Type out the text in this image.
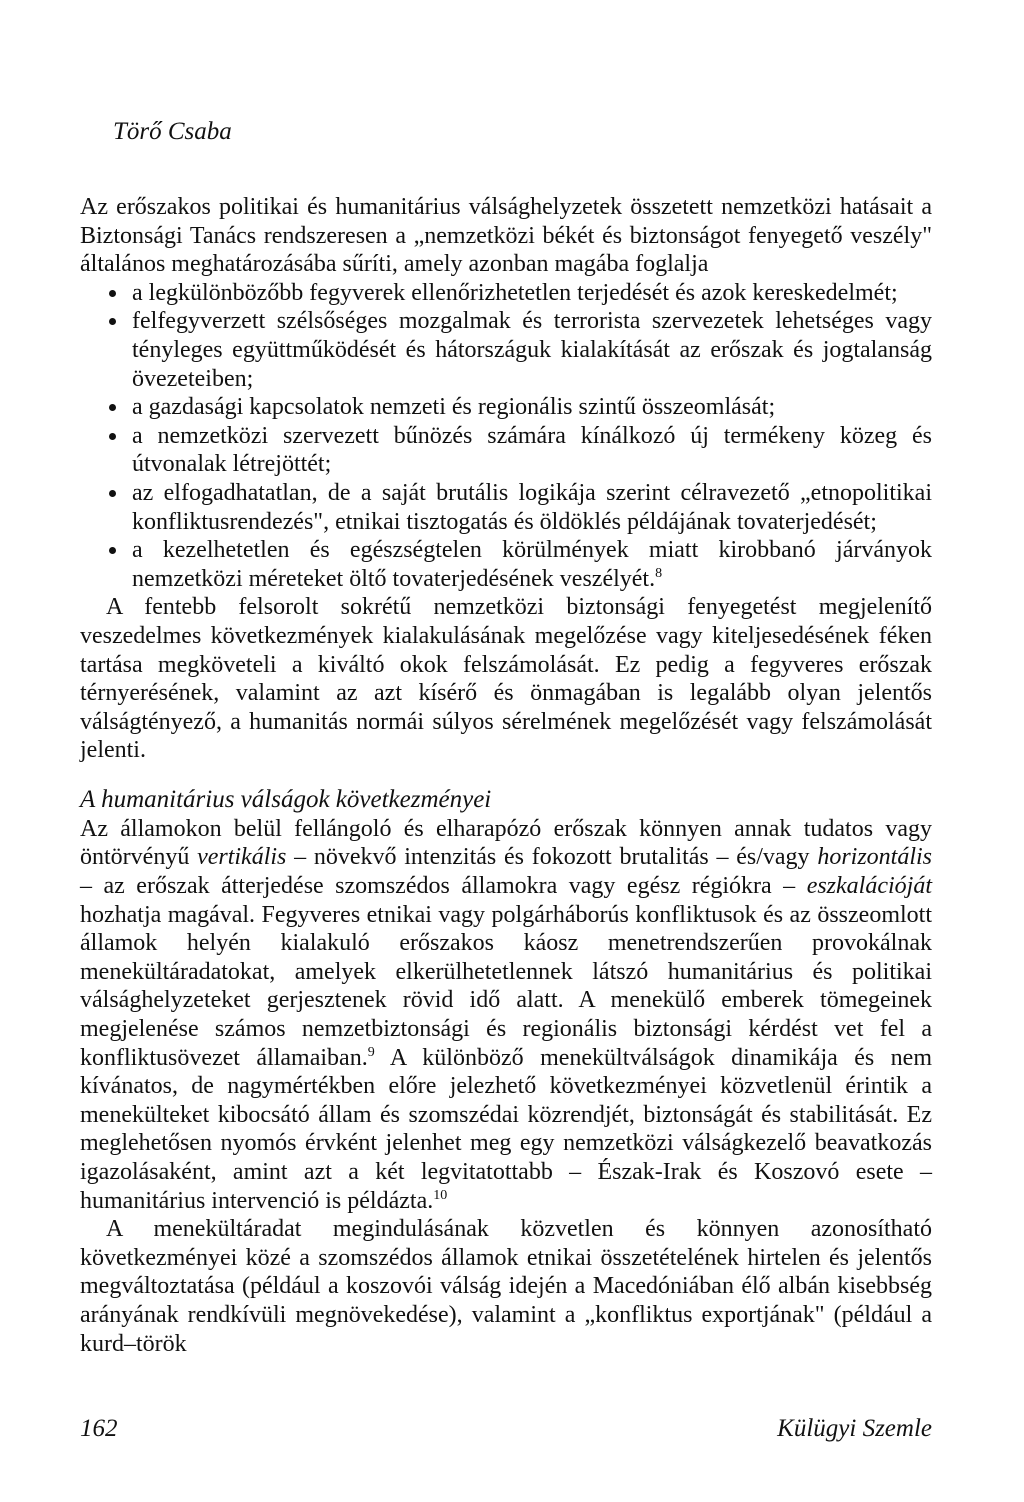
Törő Csaba

Az erőszakos politikai és humanitárius válsághelyzetek összetett nemzetközi hatásait a Biztonsági Tanács rendszeresen a „nemzetközi békét és biztonságot fenyegető veszély" általános meghatározásába sűríti, amely azonban magába foglalja

a legkülönbözőbb fegyverek ellenőrizhetetlen terjedését és azok kereskedelmét;
felfegyverzett szélsőséges mozgalmak és terrorista szervezetek lehetséges vagy tényleges együttműködését és hátországuk kialakítását az erőszak és jogtalanság övezeteiben;
a gazdasági kapcsolatok nemzeti és regionális szintű összeomlását;
a nemzetközi szervezett bűnözés számára kínálkozó új termékeny közeg és útvonalak létrejöttét;
az elfogadhatatlan, de a saját brutális logikája szerint célravezető „etnopolitikai konfliktusrendezés", etnikai tisztogatás és öldöklés példájának tovaterjedését;
a kezelhetetlen és egészségtelen körülmények miatt kirobbanó járványok nemzetközi méreteket öltő tovaterjedésének veszélyét.$^8$

A fentebb felsorolt sokrétű nemzetközi biztonsági fenyegetést megjelenítő veszedelmes következmények kialakulásának megelőzése vagy kiteljesedésének féken tartása megköveteli a kiváltó okok felszámolását. Ez pedig a fegyveres erőszak térnyerésének, valamint az azt kísérő és önmagában is legalább olyan jelentős válságtényező, a humanitás normái súlyos sérelmének megelőzését vagy felszámolását jelenti.

A humanitárius válságok következményei

Az államokon belül fellángoló és elharapózó erőszak könnyen annak tudatos vagy öntörvényű vertikális – növekvő intenzitás és fokozott brutalitás – és/vagy horizontális – az erőszak átterjedése szomszédos államokra vagy egész régiókra – eszkalációját hozhatja magával. Fegyveres etnikai vagy polgárháborús konfliktusok és az összeomlott államok helyén kialakuló erőszakos káosz menetrendszerűen provokálnak menekültáradatokat, amelyek elkerülhetetlennek látszó humanitárius és politikai válsághelyzeteket gerjesztenek rövid idő alatt. A menekülő emberek tömegeinek megjelenése számos nemzetbiztonsági és regionális biztonsági kérdést vet fel a konfliktusövezet államaiban.$^9$ A különböző menekültválságok dinamikája és nem kívánatos, de nagymértékben előre jelezhető következményei közvetlenül érintik a menekülteket kibocsátó állam és szomszédai közrendjét, biztonságát és stabilitását. Ez meglehetősen nyomós érvként jelenhet meg egy nemzetközi válságkezelő beavatkozás igazolásaként, amint azt a két legvitatottabb – Észak-Irak és Koszovó esete – humanitárius intervenció is példázta.$^{10}$

A menekültáradat megindulásának közvetlen és könnyen azonosítható következményei közé a szomszédos államok etnikai összetételének hirtelen és jelentős megváltoztatása (például a koszovói válság idején a Macedóniában élő albán kisebbség arányának rendkívüli megnövekedése), valamint a „konfliktus exportjának" (például a kurd–török

162	Külügyi Szemle
